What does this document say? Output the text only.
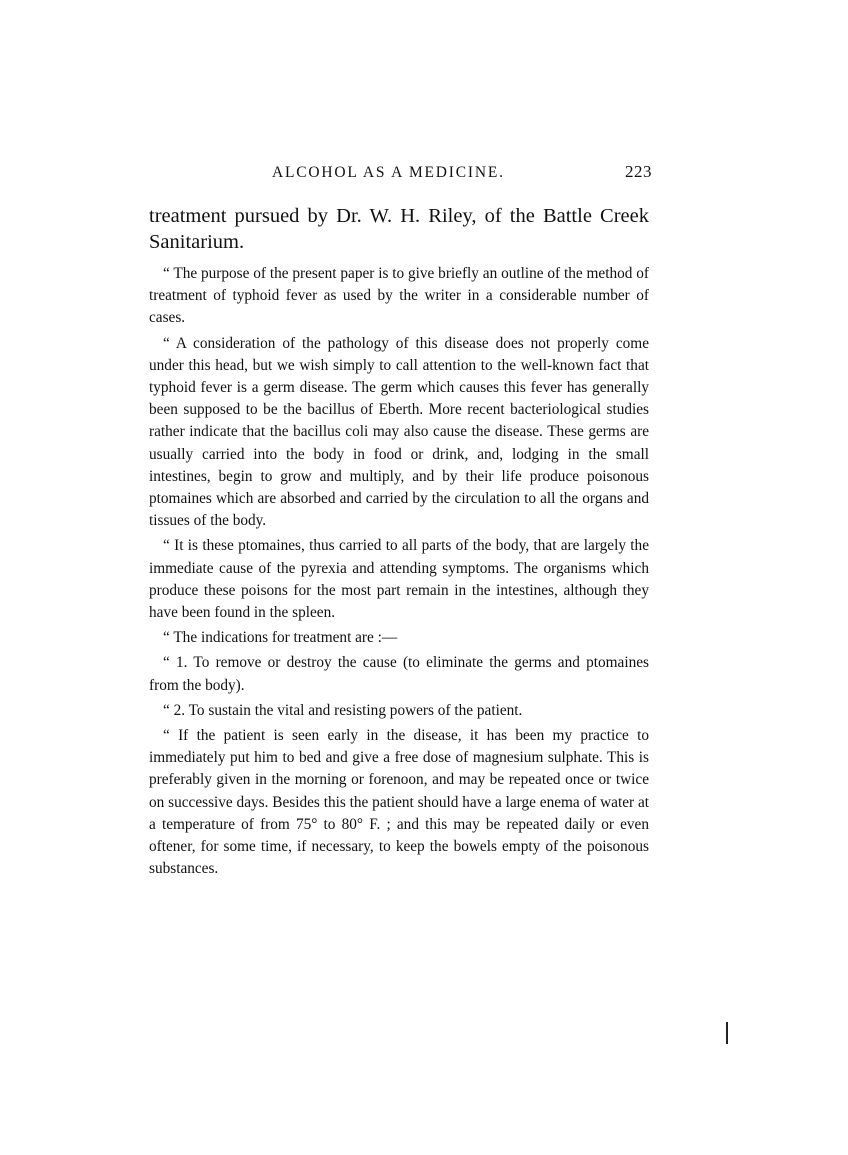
ALCOHOL AS A MEDICINE.	223

treatment pursued by Dr. W. H. Riley, of the Battle Creek Sanitarium.

“ The purpose of the present paper is to give briefly an outline of the method of treatment of typhoid fever as used by the writer in a considerable number of cases.

“ A consideration of the pathology of this disease does not properly come under this head, but we wish simply to call attention to the well-known fact that typhoid fever is a germ disease. The germ which causes this fever has generally been supposed to be the bacillus of Eberth. More recent bacteriological studies rather indicate that the bacillus coli may also cause the disease. These germs are usually carried into the body in food or drink, and, lodging in the small intestines, begin to grow and multiply, and by their life produce poisonous ptomaines which are absorbed and carried by the circulation to all the organs and tissues of the body.

“ It is these ptomaines, thus carried to all parts of the body, that are largely the immediate cause of the pyrexia and attending symptoms. The organisms which produce these poisons for the most part remain in the intestines, although they have been found in the spleen.

“ The indications for treatment are :—

“ 1. To remove or destroy the cause (to eliminate the germs and ptomaines from the body).

“ 2. To sustain the vital and resisting powers of the patient.

“ If the patient is seen early in the disease, it has been my practice to immediately put him to bed and give a free dose of magnesium sulphate. This is preferably given in the morning or forenoon, and may be repeated once or twice on successive days. Besides this the patient should have a large enema of water at a temperature of from 75° to 80° F. ; and this may be repeated daily or even oftener, for some time, if necessary, to keep the bowels empty of the poisonous substances.
